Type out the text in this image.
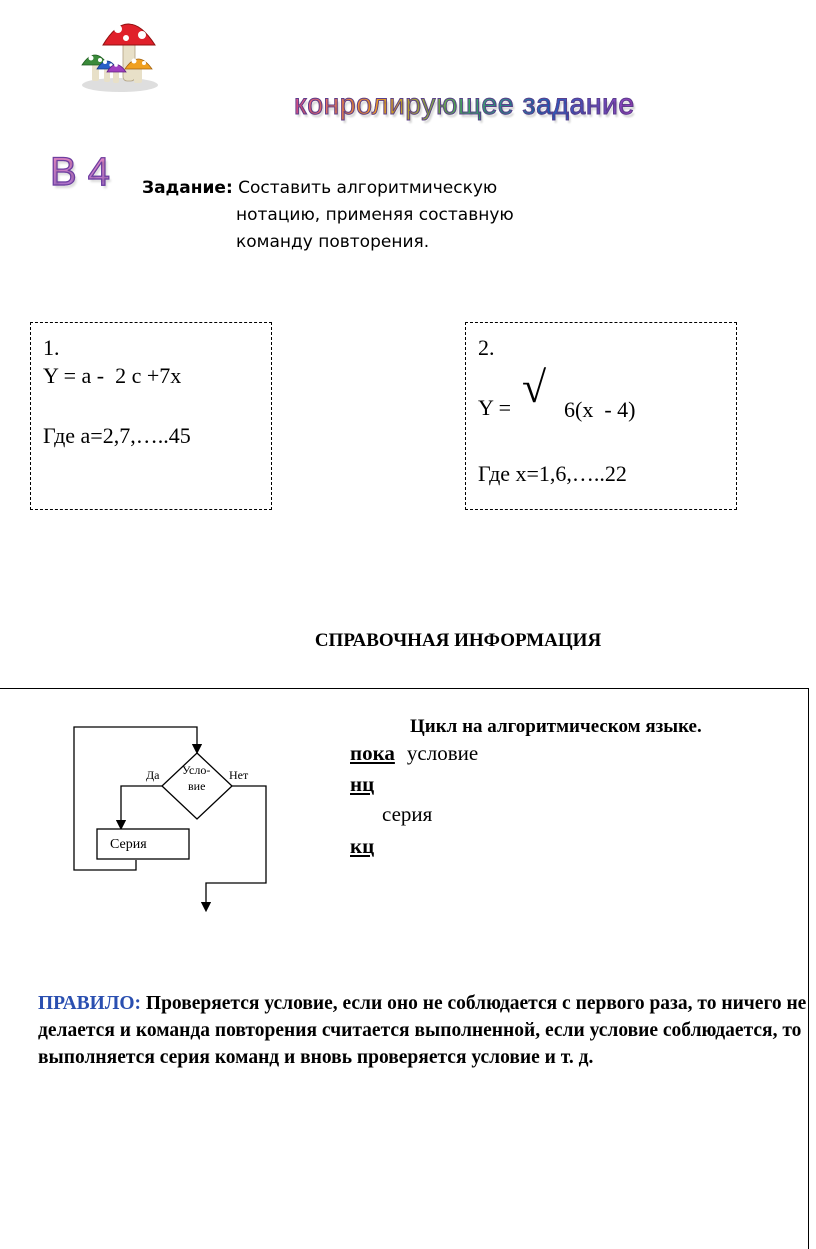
конролирующее задание
В 4 Задание: Составить алгоритмическую
нотацию, применяя составную
команду повторения.
1.
Y = a -  2 c +7x
Где a=2,7,…..45
2.
Y = √ 6(x  - 4)
Где x=1,6,…..22
СПРАВОЧНАЯ ИНФОРМАЦИЯ
Да	Нет
Усло-
вие
Серия
Цикл на алгоритмическом языке.
пока условие
нц
серия
кц
ПРАВИЛО: Проверяется условие, если оно не соблюдается с первого раза, то ничего не делается и команда повторения считается выполненной, если условие соблюдается, то выполняется серия команд и вновь проверяется условие и т. д.
